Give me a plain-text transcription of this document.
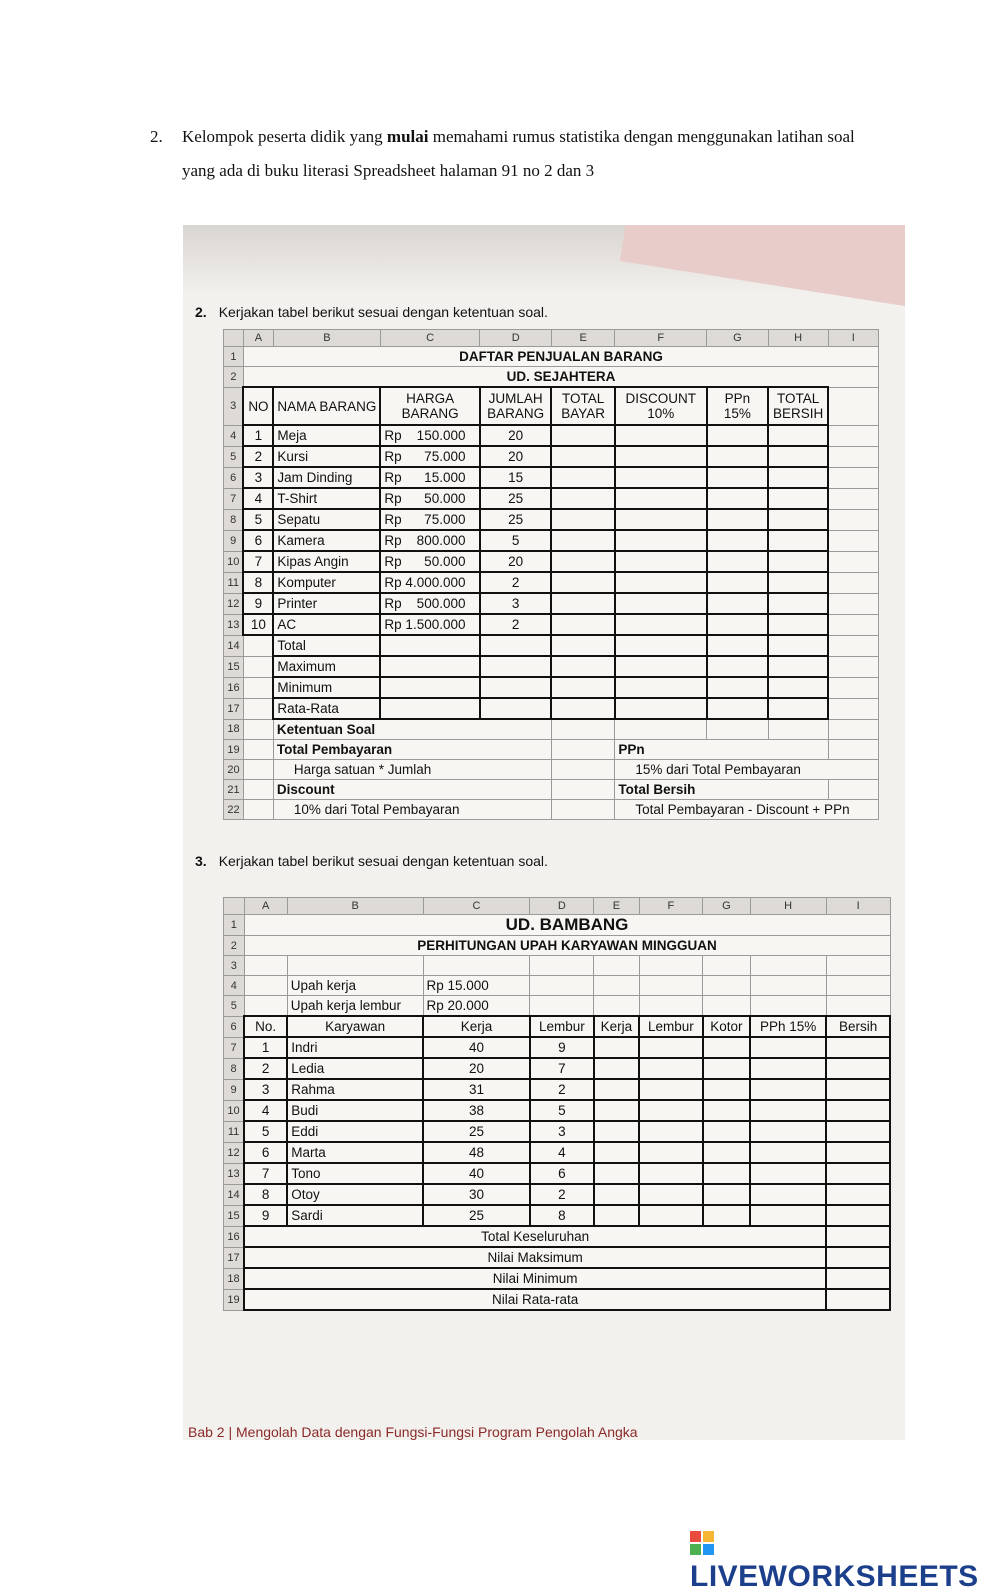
2. Kelompok peserta didik yang mulai memahami rumus statistika dengan menggunakan latihan soal yang ada di buku literasi Spreadsheet halaman 91 no 2 dan 3
2. Kerjakan tabel berikut sesuai dengan ketentuan soal.
	A	B	C	D	E	F	G	H	I
1	DAFTAR PENJUALAN BARANG								
2	UD. SEJAHTERA								
3	NO	NAMA BARANG	HARGA BARANG	JUMLAH BARANG	TOTAL BAYAR	DISCOUNT 10%	PPn 15%	TOTAL BERSIH	
4	1	Meja	Rp    150.000	20					
5	2	Kursi	Rp      75.000	20					
6	3	Jam Dinding	Rp      15.000	15					
7	4	T-Shirt	Rp      50.000	25					
8	5	Sepatu	Rp      75.000	25					
9	6	Kamera	Rp    800.000	5					
10	7	Kipas Angin	Rp      50.000	20					
11	8	Komputer	Rp 4.000.000	2					
12	9	Printer	Rp    500.000	3					
13	10	AC	Rp 1.500.000	2					
14		Total							
15		Maximum							
16		Minimum							
17		Rata-Rata							
18		Ketentuan Soal							
19		Total Pembayaran				PPn			
20		Harga satuan * Jumlah				15% dari Total Pembayaran			
21		Discount				Total Bersih			
22		10% dari Total Pembayaran				Total Pembayaran - Discount + PPn			
3. Kerjakan tabel berikut sesuai dengan ketentuan soal.
	A	B	C	D	E	F	G	H	I
1	UD. BAMBANG								
2	PERHITUNGAN UPAH KARYAWAN MINGGUAN								
3									
4		Upah kerja	Rp 15.000						
5		Upah kerja lembur	Rp 20.000						
6	No.	Karyawan	Kerja	Lembur	Kerja	Lembur	Kotor	PPh 15%	Bersih
7	1	Indri	40	9					
8	2	Ledia	20	7					
9	3	Rahma	31	2					
10	4	Budi	38	5					
11	5	Eddi	25	3					
12	6	Marta	48	4					
13	7	Tono	40	6					
14	8	Otoy	30	2					
15	9	Sardi	25	8					
16	Total Keseluruhan								
17	Nilai Maksimum								
18	Nilai Minimum								
19	Nilai Rata-rata								
Bab 2 | Mengolah Data dengan Fungsi-Fungsi Program Pengolah Angka
LIVEWORKSHEETS
